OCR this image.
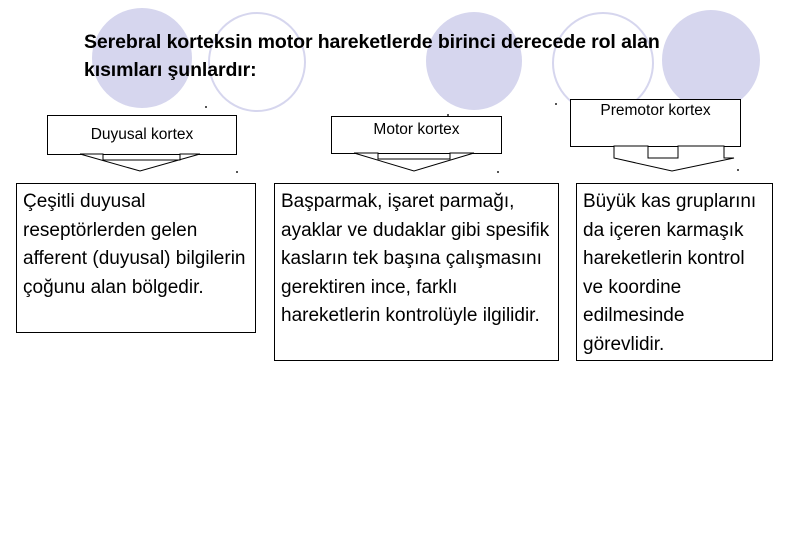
Serebral korteksin motor hareketlerde birinci derecede rol alan kısımları şunlardır:
Duyusal kortex
Çeşitli duyusal reseptörlerden gelen afferent (duyusal) bilgilerin çoğunu alan bölgedir.
Motor kortex
Başparmak, işaret parmağı, ayaklar ve dudaklar gibi spesifik kasların tek başına çalışmasını gerektiren ince, farklı hareketlerin kontrolüyle ilgilidir.
Premotor kortex
Büyük kas gruplarını da içeren karmaşık hareketlerin kontrol ve koordine edilmesinde görevlidir.
